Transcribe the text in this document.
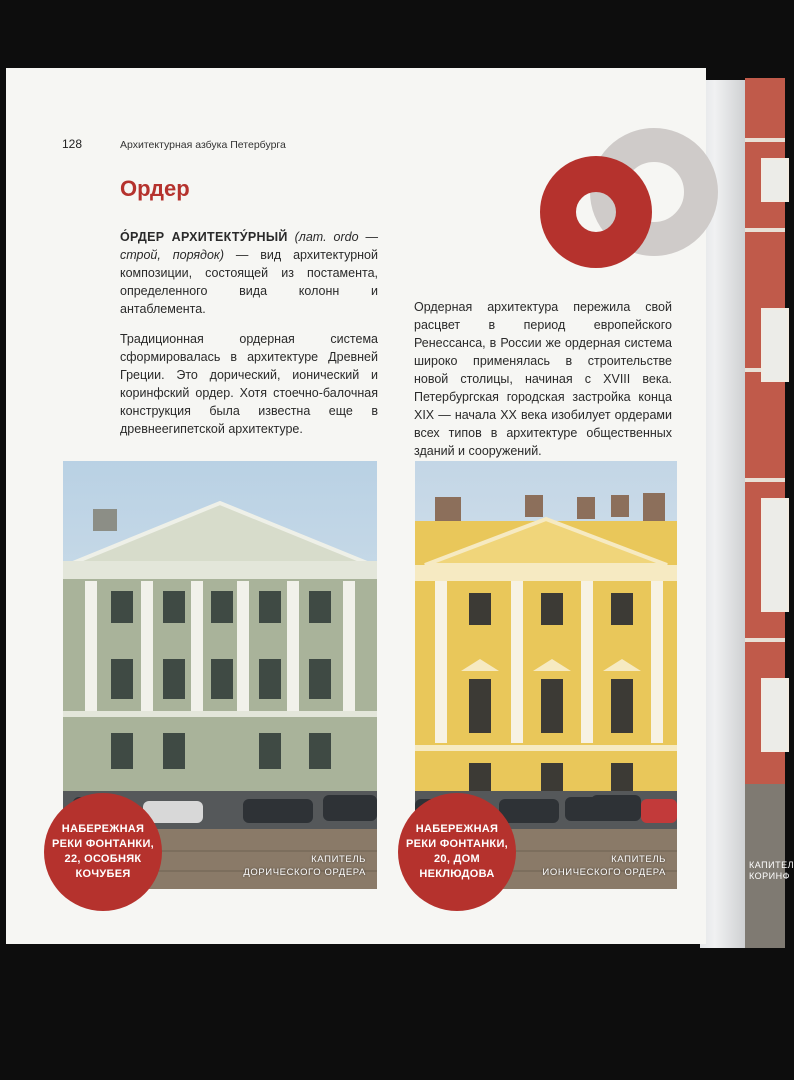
КАПИТЕЛ
КОРИНФ
128	Архитектурная азбука Петербурга
Ордер
О́РДЕР АРХИТЕКТУ́РНЫЙ (лат. ordo — строй, порядок) — вид архитектурной композиции, состоящей из постамента, определенного вида колонн и антаблемента.
Традиционная ордерная система сформировалась в архитектуре Древней Греции. Это дорический, ионический и коринфский ордер. Хотя стоечно-балочная конструкция была известна еще в древнеегипетской архитектуре.
Ордерная архитектура пережила свой расцвет в период европейского Ренессанса, в России же ордерная система широко применялась в строительстве новой столицы, начиная с XVIII века. Петербургская городская застройка конца XIX — начала XX века изобилует ордерами всех типов в архитектуре общественных зданий и сооружений.
НАБЕРЕЖНАЯ
РЕКИ ФОНТАНКИ,
22, ОСОБНЯК
КОЧУБЕЯ
КАПИТЕЛЬ
ДОРИЧЕСКОГО ОРДЕРА
НАБЕРЕЖНАЯ
РЕКИ ФОНТАНКИ,
20, ДОМ
НЕКЛЮДОВА
КАПИТЕЛЬ
ИОНИЧЕСКОГО ОРДЕРА
